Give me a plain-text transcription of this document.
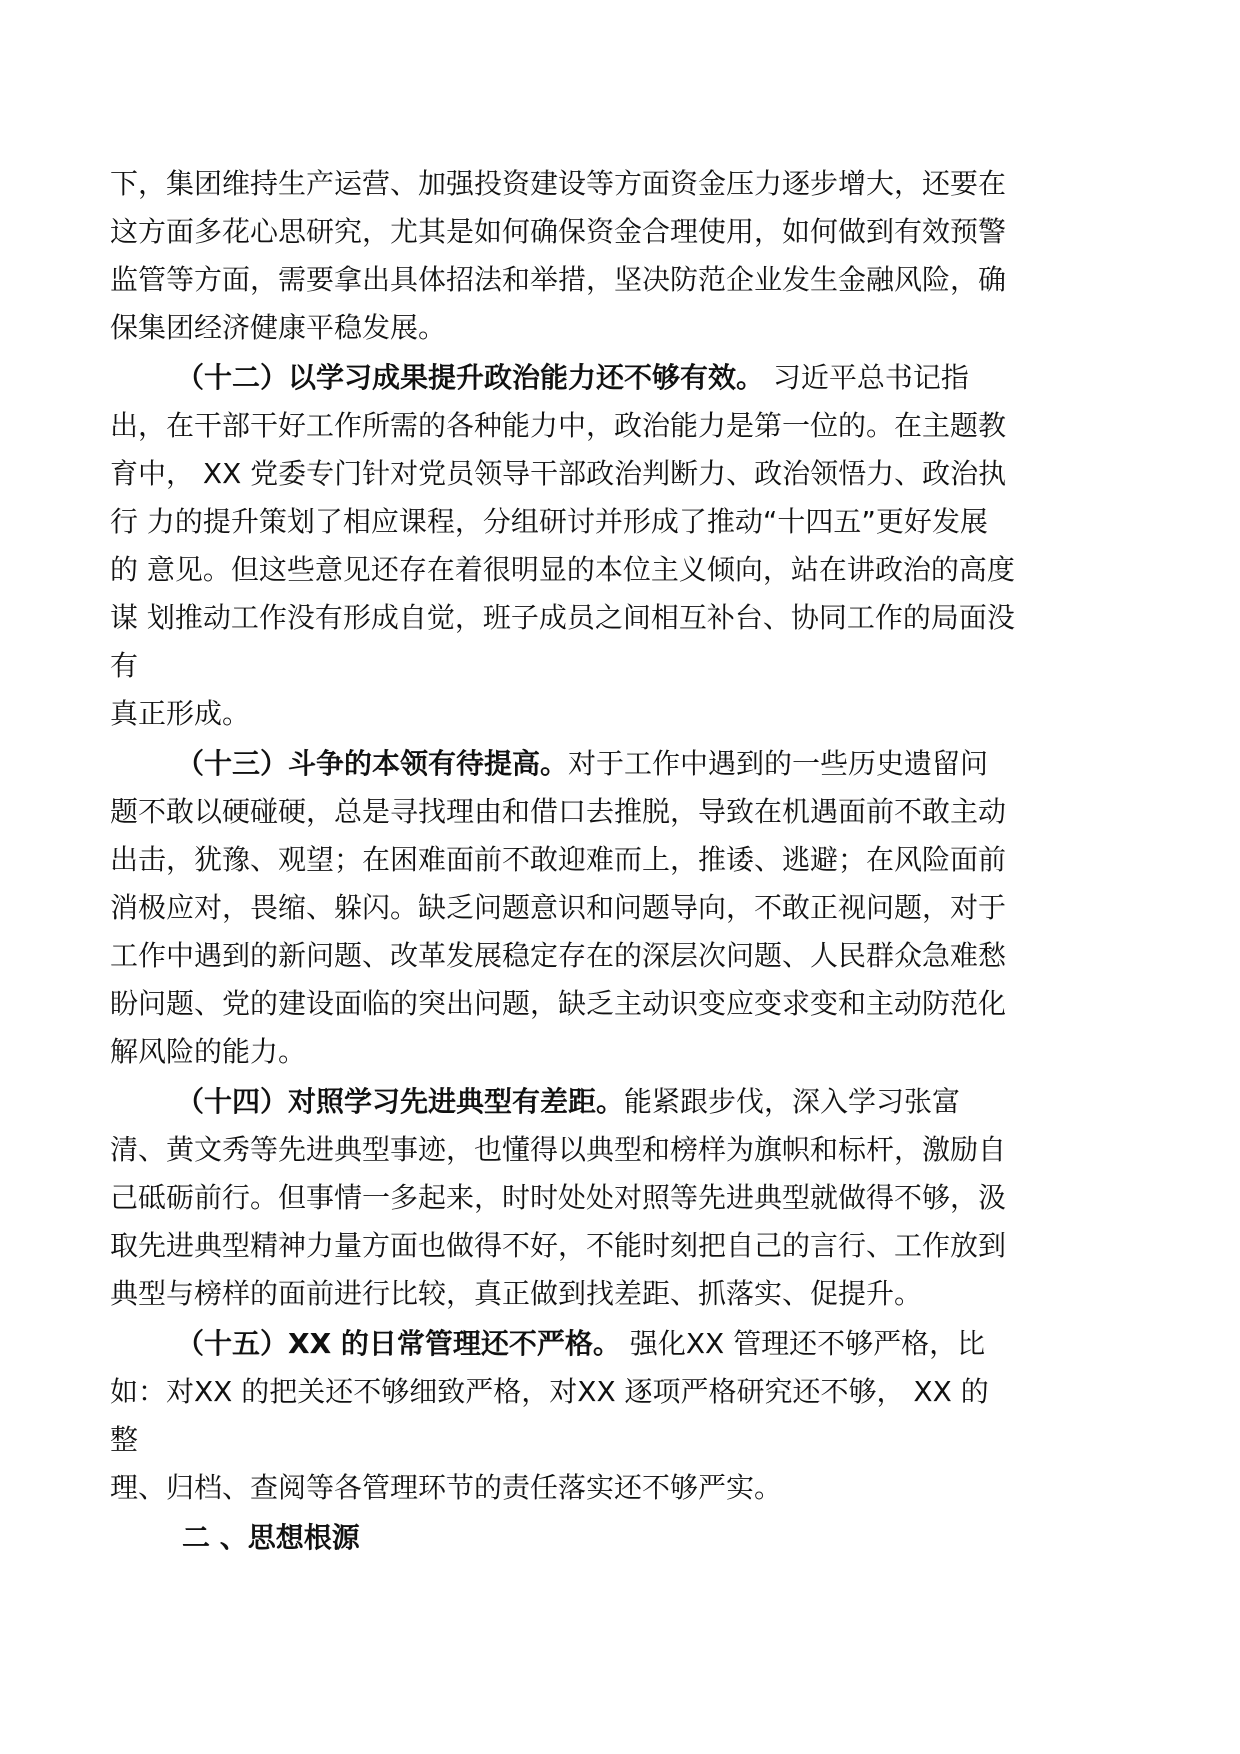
下，集团维持生产运营、加强投资建设等方面资金压力逐步增大，还要在
这方面多花心思研究，尤其是如何确保资金合理使用，如何做到有效预警
监管等方面，需要拿出具体招法和举措，坚决防范企业发生金融风险，确
保集团经济健康平稳发展。
（十二）以学习成果提升政治能力还不够有效。 习近平总书记指
出，在干部干好工作所需的各种能力中，政治能力是第一位的。在主题教
育中， XX 党委专门针对党员领导干部政治判断力、政治领悟力、政治执
行 力的提升策划了相应课程，分组研讨并形成了推动“十四五”更好发展
的 意见。但这些意见还存在着很明显的本位主义倾向，站在讲政治的高度
谋 划推动工作没有形成自觉，班子成员之间相互补台、协同工作的局面没
有
真正形成。
（十三）斗争的本领有待提高。对于工作中遇到的一些历史遗留问
题不敢以硬碰硬，总是寻找理由和借口去推脱，导致在机遇面前不敢主动
出击，犹豫、观望；在困难面前不敢迎难而上，推诿、逃避；在风险面前
消极应对，畏缩、躲闪。缺乏问题意识和问题导向，不敢正视问题，对于
工作中遇到的新问题、改革发展稳定存在的深层次问题、人民群众急难愁
盼问题、党的建设面临的突出问题，缺乏主动识变应变求变和主动防范化
解风险的能力。
（十四）对照学习先进典型有差距。能紧跟步伐，深入学习张富
清、黄文秀等先进典型事迹，也懂得以典型和榜样为旗帜和标杆，激励自
己砥砺前行。但事情一多起来，时时处处对照等先进典型就做得不够，汲
取先进典型精神力量方面也做得不好，不能时刻把自己的言行、工作放到
典型与榜样的面前进行比较，真正做到找差距、抓落实、促提升。
（十五）XX 的日常管理还不严格。 强化XX 管理还不够严格，比
如：对XX 的把关还不够细致严格，对XX 逐项严格研究还不够， XX 的
整
理、归档、查阅等各管理环节的责任落实还不够严实。
二 、思想根源
